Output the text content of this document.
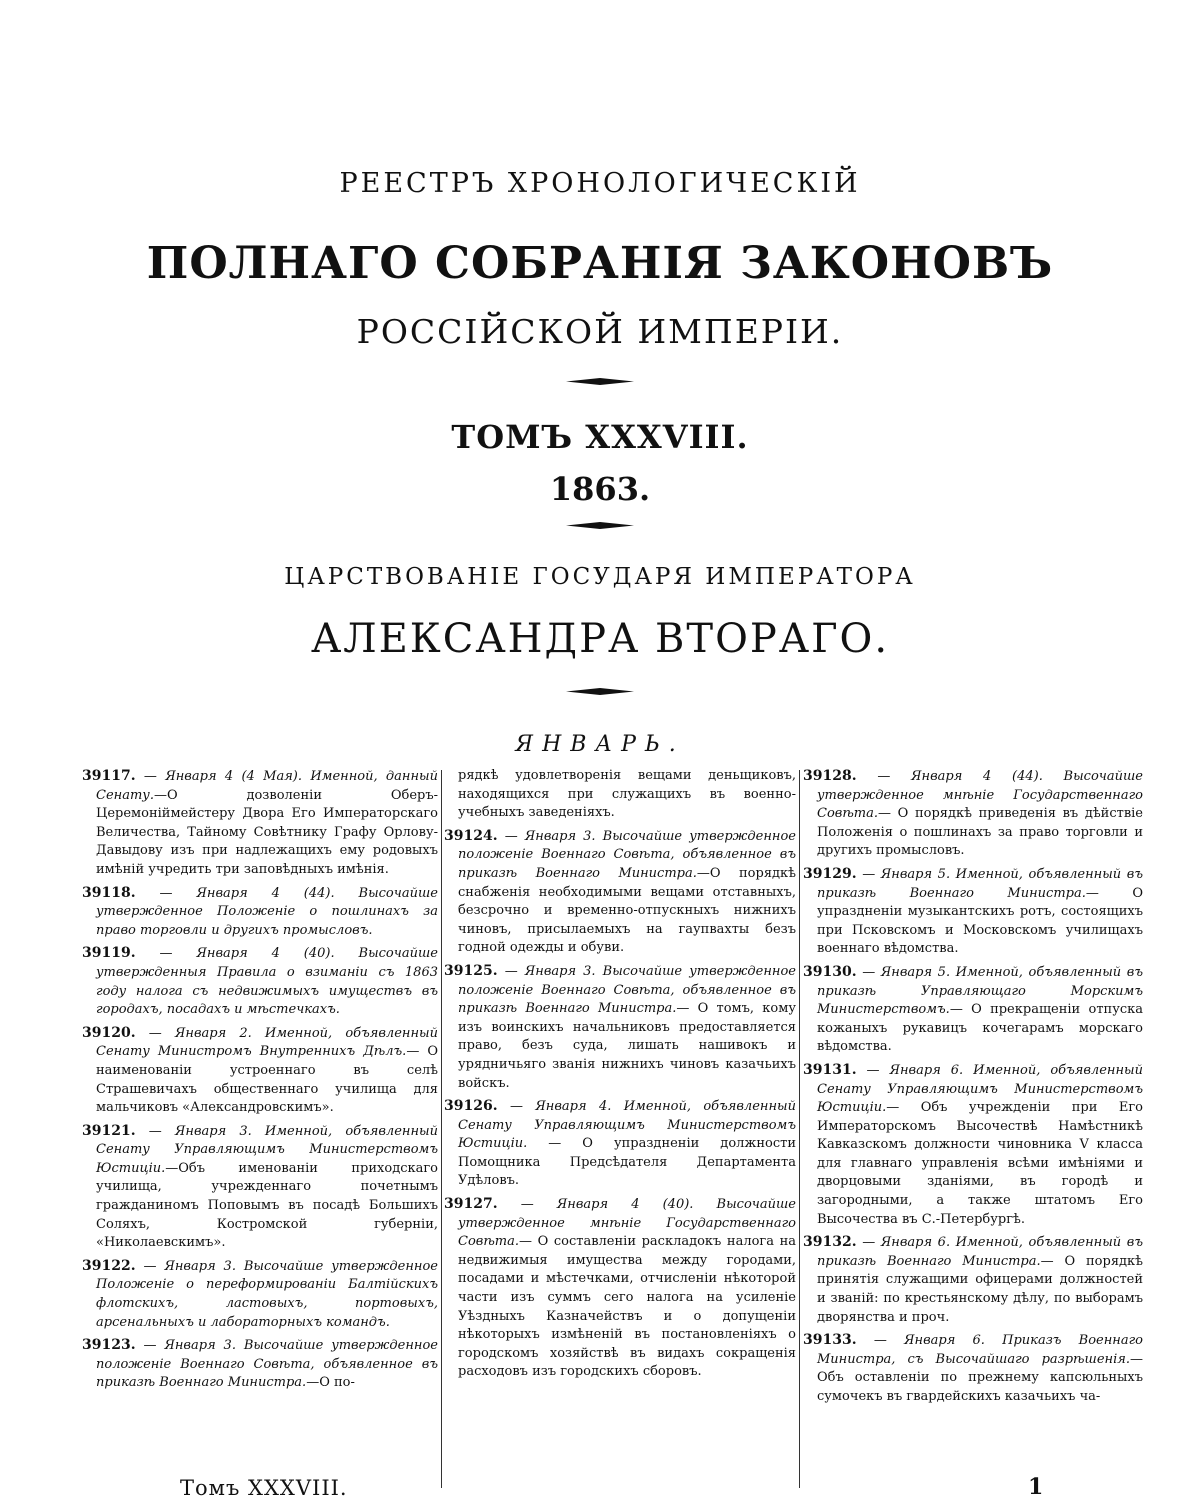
РЕЕСТРЪ ХРОНОЛОГИЧЕСКІЙ
ПОЛНАГО СОБРАНІЯ ЗАКОНОВЪ
РОССІЙСКОЙ ИМПЕРІИ.
ТОМЪ XXXVIII.
1863.
ЦАРСТВОВАНІЕ ГОСУДАРЯ ИМПЕРАТОРА
АЛЕКСАНДРА ВТОРАГО.
ЯНВАРЬ.

39117. — Января 4 (4 Мая). Именной, данный Сенату.—О дозволеніи Оберъ-Церемоніймейстеру Двора Его Императорскаго Величества, Тайному Совѣтнику Графу Орлову-Давыдову изъ при надлежащихъ ему родовыхъ имѣній учредить три заповѣдныхъ имѣнія.

39118. — Января 4 (44). Высочайше утвержденное Положеніе о пошлинахъ за право торговли и другихъ промысловъ.

39119. — Января 4 (40). Высочайше утвержденныя Правила о взиманіи съ 1863 году налога съ недвижимыхъ имуществъ въ городахъ, посадахъ и мѣстечкахъ.

39120. — Января 2. Именной, объявленный Сенату Министромъ Внутреннихъ Дѣлъ.— О наименованіи устроеннаго въ селѣ Страшевичахъ общественнаго училища для мальчиковъ «Александровскимъ».

39121. — Января 3. Именной, объявленный Сенату Управляющимъ Министерствомъ Юстиціи.—Объ именованіи приходскаго училища, учрежденнаго почетнымъ гражданиномъ Поповымъ въ посадѣ Большихъ Соляхъ, Костромской губерніи, «Николаевскимъ».

39122. — Января 3. Высочайше утвержденное Положеніе о переформированіи Балтійскихъ флотскихъ, ластовыхъ, портовыхъ, арсенальныхъ и лабораторныхъ командъ.

39123. — Января 3. Высочайше утвержденное положеніе Военнаго Совѣта, объявленное въ приказѣ Военнаго Министра.—О по-

рядкѣ удовлетворенія вещами деньщиковъ, находящихся при служащихъ въ военно-учебныхъ заведеніяхъ.

39124. — Января 3. Высочайше утвержденное положеніе Военнаго Совѣта, объявленное въ приказѣ Военнаго Министра.—О порядкѣ снабженія необходимыми вещами отставныхъ, безсрочно и временно-отпускныхъ нижнихъ чиновъ, присылаемыхъ на гаупвахты безъ годной одежды и обуви.

39125. — Января 3. Высочайше утвержденное положеніе Военнаго Совѣта, объявленное въ приказѣ Военнаго Министра.— О томъ, кому изъ воинскихъ начальниковъ предоставляется право, безъ суда, лишать нашивокъ и урядничьяго званія нижнихъ чиновъ казачьихъ войскъ.

39126. — Января 4. Именной, объявленный Сенату Управляющимъ Министерствомъ Юстиціи. — О упраздненіи должности Помощника Предсѣдателя Департамента Удѣловъ.

39127. — Января 4 (40). Высочайше утвержденное мнѣніе Государственнаго Совѣта.— О составленіи раскладокъ налога на недвижимыя имущества между городами, посадами и мѣстечками, отчисленіи нѣкоторой части изъ суммъ сего налога на усиленіе Уѣздныхъ Казначействъ и о допущеніи нѣкоторыхъ измѣненій въ постановленіяхъ о городскомъ хозяйствѣ въ видахъ сокращенія расходовъ изъ городскихъ сборовъ.

39128. — Января 4 (44). Высочайше утвержденное мнѣніе Государственнаго Совѣта.— О порядкѣ приведенія въ дѣйствіе Положенія о пошлинахъ за право торговли и другихъ промысловъ.

39129. — Января 5. Именной, объявленный въ приказѣ Военнаго Министра.— О упраздненіи музыкантскихъ ротъ, состоящихъ при Псковскомъ и Московскомъ училищахъ военнаго вѣдомства.

39130. — Января 5. Именной, объявленный въ приказѣ Управляющаго Морскимъ Министерствомъ.— О прекращеніи отпуска кожаныхъ рукавицъ кочегарамъ морскаго вѣдомства.

39131. — Января 6. Именной, объявленный Сенату Управляющимъ Министерствомъ Юстиціи.— Объ учрежденіи при Его Императорскомъ Высочествѣ Намѣстникѣ Кавказскомъ должности чиновника V класса для главнаго управленія всѣми имѣніями и дворцовыми зданіями, въ городѣ и загородными, а также штатомъ Его Высочества въ С.-Петербургѣ.

39132. — Января 6. Именной, объявленный въ приказѣ Военнаго Министра.— О порядкѣ принятія служащими офицерами должностей и званій: по крестьянскому дѣлу, по выборамъ дворянства и проч.

39133. — Января 6. Приказъ Военнаго Министра, съ Высочайшаго разрѣшенія.—Объ оставленіи по прежнему капсюльныхъ сумочекъ въ гвардейскихъ казачьихъ ча-

Томъ XXXVIII.	1
